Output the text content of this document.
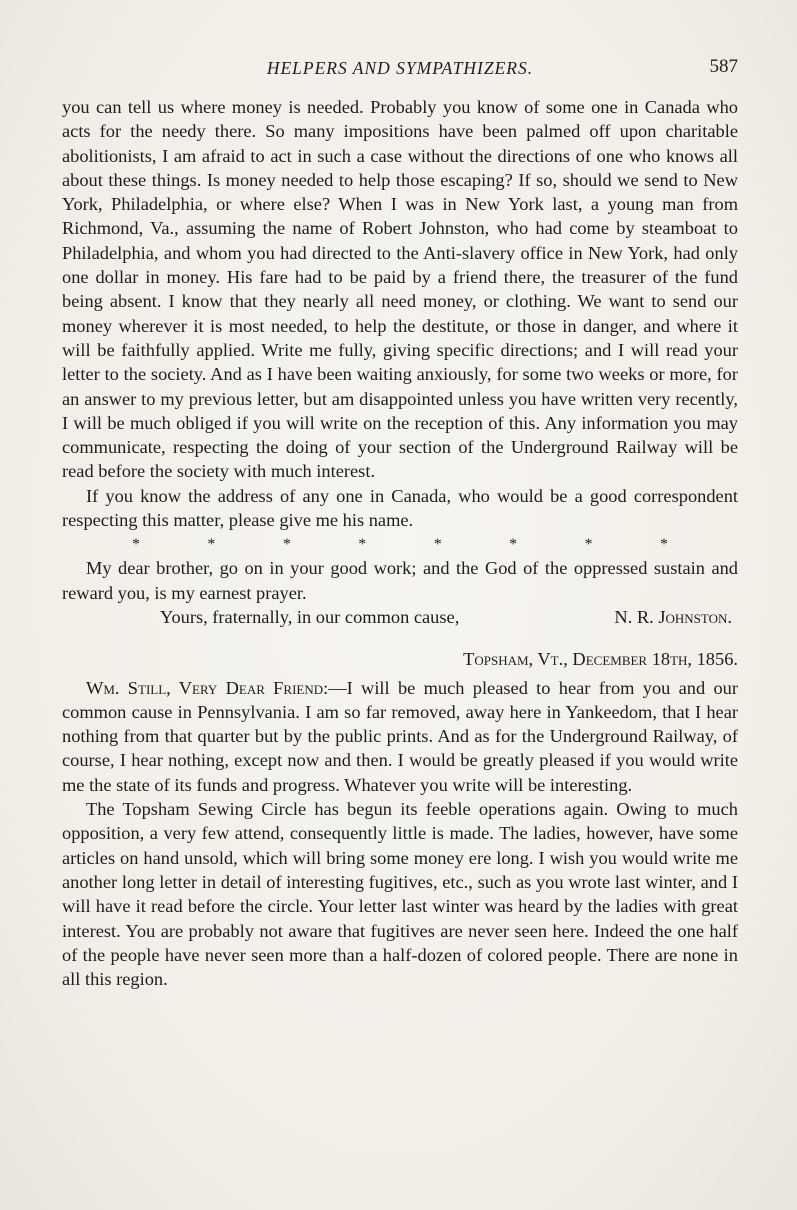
HELPERS AND SYMPATHIZERS.	587

you can tell us where money is needed. Probably you know of some one in Canada who acts for the needy there. So many impositions have been palmed off upon charitable abolitionists, I am afraid to act in such a case without the directions of one who knows all about these things. Is money needed to help those escaping? If so, should we send to New York, Philadelphia, or where else? When I was in New York last, a young man from Richmond, Va., assuming the name of Robert Johnston, who had come by steamboat to Philadelphia, and whom you had directed to the Anti-slavery office in New York, had only one dollar in money. His fare had to be paid by a friend there, the treasurer of the fund being absent. I know that they nearly all need money, or clothing. We want to send our money wherever it is most needed, to help the destitute, or those in danger, and where it will be faithfully applied. Write me fully, giving specific directions; and I will read your letter to the society. And as I have been waiting anxiously, for some two weeks or more, for an answer to my previous letter, but am disappointed unless you have written very recently, I will be much obliged if you will write on the reception of this. Any information you may communicate, respecting the doing of your section of the Underground Railway will be read before the society with much interest.

If you know the address of any one in Canada, who would be a good correspondent respecting this matter, please give me his name.

*	*	*	*	*	*	*	*

My dear brother, go on in your good work; and the God of the oppressed sustain and reward you, is my earnest prayer.

Yours, fraternally, in our common cause,	N. R. Johnston.
Topsham, Vt., December 18th, 1856.

Wm. Still, Very Dear Friend:—I will be much pleased to hear from you and our common cause in Pennsylvania. I am so far removed, away here in Yankeedom, that I hear nothing from that quarter but by the public prints. And as for the Underground Railway, of course, I hear nothing, except now and then. I would be greatly pleased if you would write me the state of its funds and progress. Whatever you write will be interesting.

The Topsham Sewing Circle has begun its feeble operations again. Owing to much opposition, a very few attend, consequently little is made. The ladies, however, have some articles on hand unsold, which will bring some money ere long. I wish you would write me another long letter in detail of interesting fugitives, etc., such as you wrote last winter, and I will have it read before the circle. Your letter last winter was heard by the ladies with great interest. You are probably not aware that fugitives are never seen here. Indeed the one half of the people have never seen more than a half-dozen of colored people. There are none in all this region.
